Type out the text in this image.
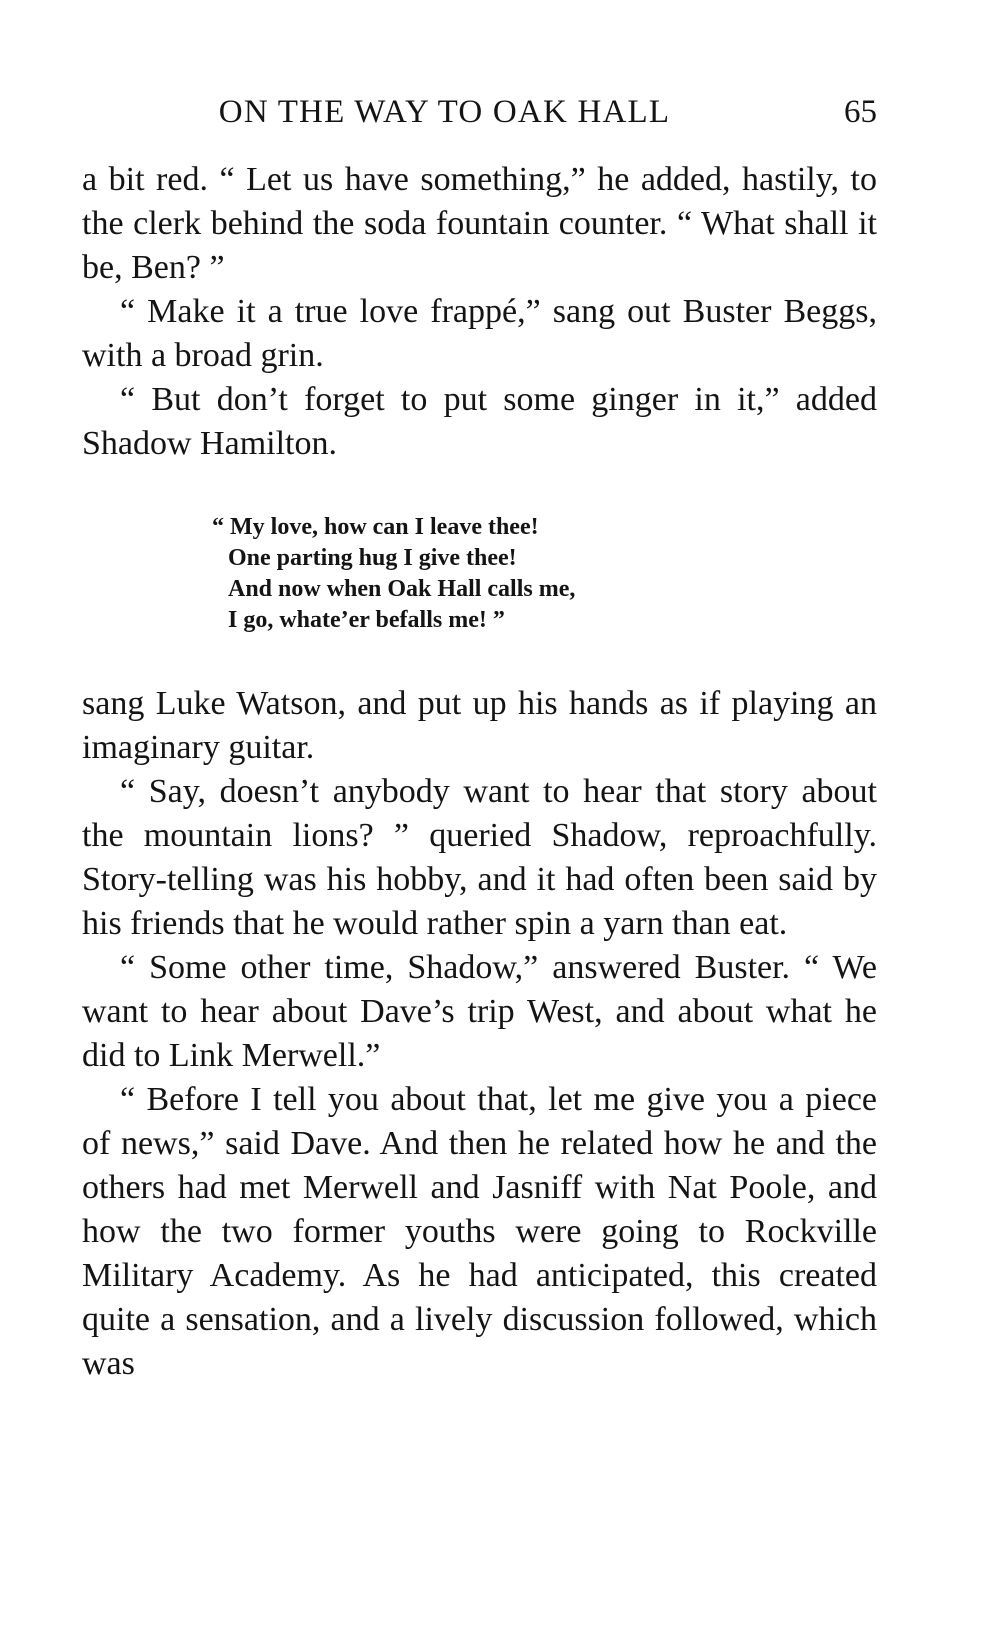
ON THE WAY TO OAK HALL	65

a bit red. “ Let us have something,” he added, hastily, to the clerk behind the soda fountain counter. “ What shall it be, Ben? ”

“ Make it a true love frappé,” sang out Buster Beggs, with a broad grin.

“ But don’t forget to put some ginger in it,” added Shadow Hamilton.

“ My love, how can I leave thee!
One parting hug I give thee!
And now when Oak Hall calls me,
I go, whate’er befalls me! ”

sang Luke Watson, and put up his hands as if playing an imaginary guitar.

“ Say, doesn’t anybody want to hear that story about the mountain lions? ” queried Shadow, reproachfully. Story-telling was his hobby, and it had often been said by his friends that he would rather spin a yarn than eat.

“ Some other time, Shadow,” answered Buster. “ We want to hear about Dave’s trip West, and about what he did to Link Merwell.”

“ Before I tell you about that, let me give you a piece of news,” said Dave. And then he related how he and the others had met Merwell and Jasniff with Nat Poole, and how the two former youths were going to Rockville Military Academy. As he had anticipated, this created quite a sensation, and a lively discussion followed, which was
